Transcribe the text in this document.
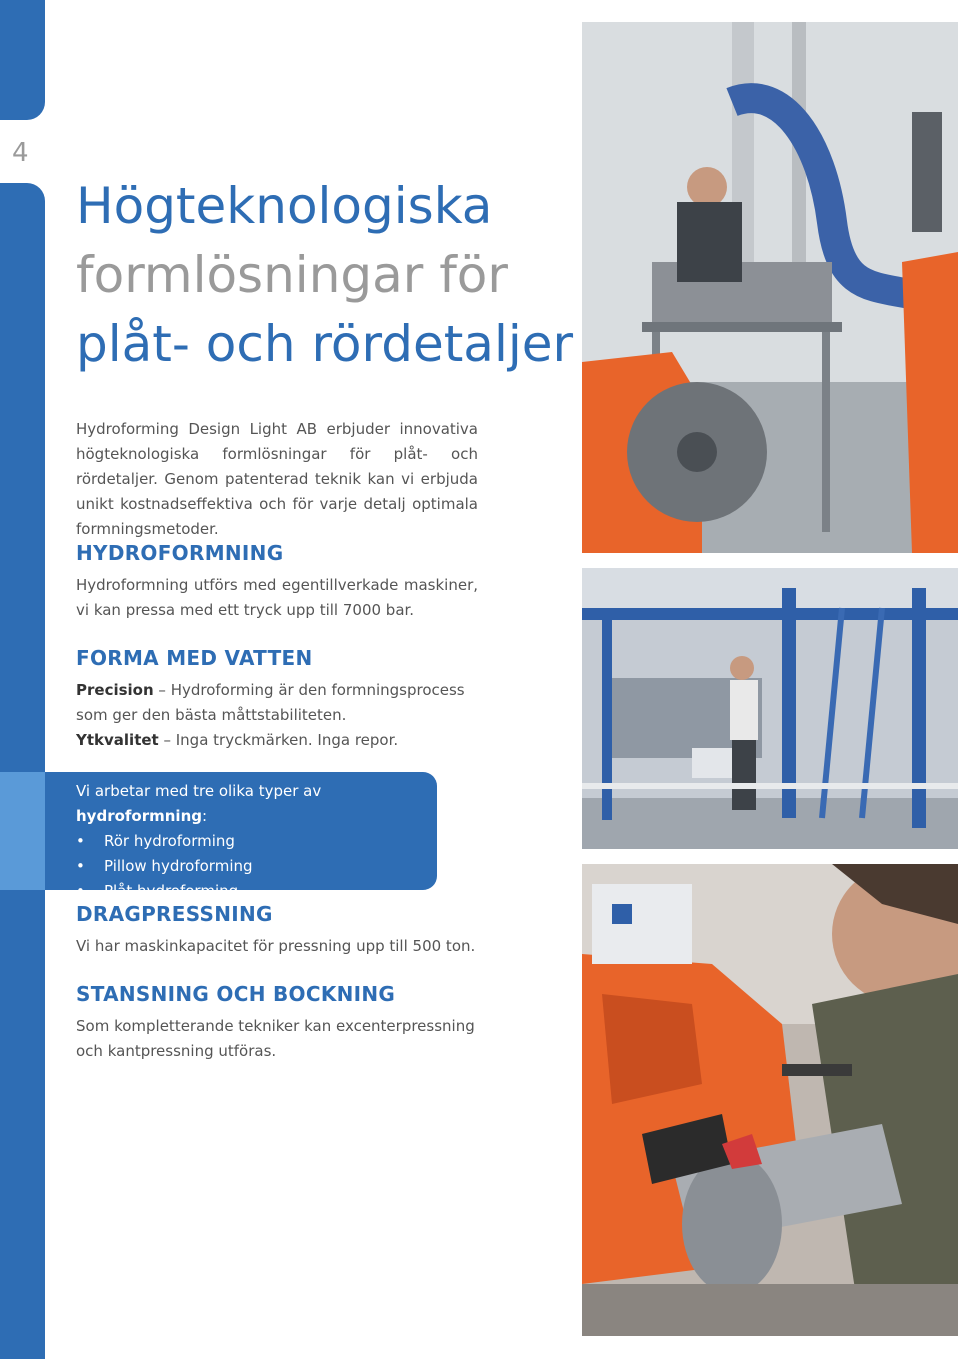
4
Högteknologiska
formlösningar för
plåt- och rördetaljer

Hydroforming Design Light AB erbjuder innovativa högteknologiska formlösningar för plåt- och rördetaljer. Genom patenterad teknik kan vi erbjuda unikt kostnadseffektiva och för varje detalj optimala formningsmetoder.

HYDROFORMNING

Hydroformning utförs med egentillverkade maskiner, vi kan pressa med ett tryck upp till 7000 bar.

FORMA MED VATTEN

Precision – Hydroforming är den formningsprocess som ger den bästa måttstabiliteten.

Ytkvalitet – Inga tryckmärken. Inga repor.

Vi arbetar med tre olika typer av hydroformning:

• Rör hydroforming
• Pillow hydroforming
• Plåt hydroforming
DRAGPRESSNING

Vi har maskinkapacitet för pressning upp till 500 ton.

STANSNING OCH BOCKNING

Som kompletterande tekniker kan excenterpressning och kantpressning utföras.
